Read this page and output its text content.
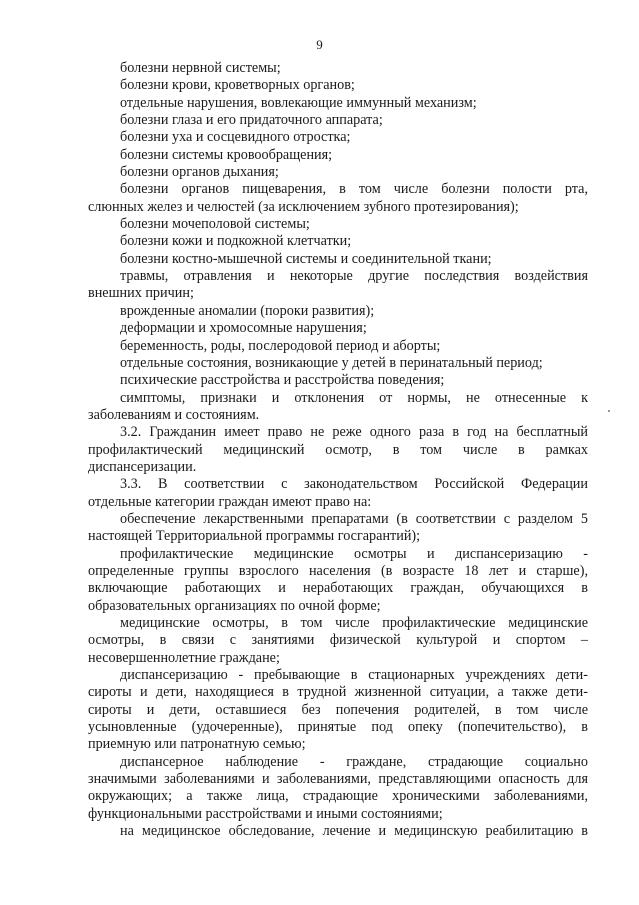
9

болезни нервной системы;

болезни крови, кроветворных органов;

отдельные нарушения, вовлекающие иммунный механизм;

болезни глаза и его придаточного аппарата;

болезни уха и сосцевидного отростка;

болезни системы кровообращения;

болезни органов дыхания;

болезни органов пищеварения, в том числе болезни полости рта,

слюнных желез и челюстей (за исключением зубного протезирования);

болезни мочеполовой системы;

болезни кожи и подкожной клетчатки;

болезни костно-мышечной системы и соединительной ткани;

травмы, отравления и некоторые другие последствия воздействия

внешних причин;

врожденные аномалии (пороки развития);

деформации и хромосомные нарушения;

беременность, роды, послеродовой период и аборты;

отдельные состояния, возникающие у детей в перинатальный период;

психические расстройства и расстройства поведения;

симптомы, признаки и отклонения от нормы, не отнесенные к

заболеваниям и состояниям.

3.2. Гражданин имеет право не реже одного раза в год на бесплатный

профилактический медицинский осмотр, в том числе в рамках

диспансеризации.

3.3. В соответствии с законодательством Российской Федерации

отдельные категории граждан имеют право на:

обеспечение лекарственными препаратами (в соответствии с разделом 5

настоящей Территориальной программы госгарантий);

профилактические медицинские осмотры и диспансеризацию -

определенные группы взрослого населения (в возрасте 18 лет и старше),

включающие работающих и неработающих граждан, обучающихся в

образовательных организациях по очной форме;

медицинские осмотры, в том числе профилактические медицинские

осмотры, в связи с занятиями физической культурой и спортом –

несовершеннолетние граждане;

диспансеризацию - пребывающие в стационарных учреждениях дети-

сироты и дети, находящиеся в трудной жизненной ситуации, а также дети-

сироты и дети, оставшиеся без попечения родителей, в том числе

усыновленные (удочеренные), принятые под опеку (попечительство), в

приемную или патронатную семью;

диспансерное наблюдение - граждане, страдающие социально

значимыми заболеваниями и заболеваниями, представляющими опасность для

окружающих; а также лица, страдающие хроническими заболеваниями,

функциональными расстройствами и иными состояниями;

на медицинское обследование, лечение и медицинскую реабилитацию в
